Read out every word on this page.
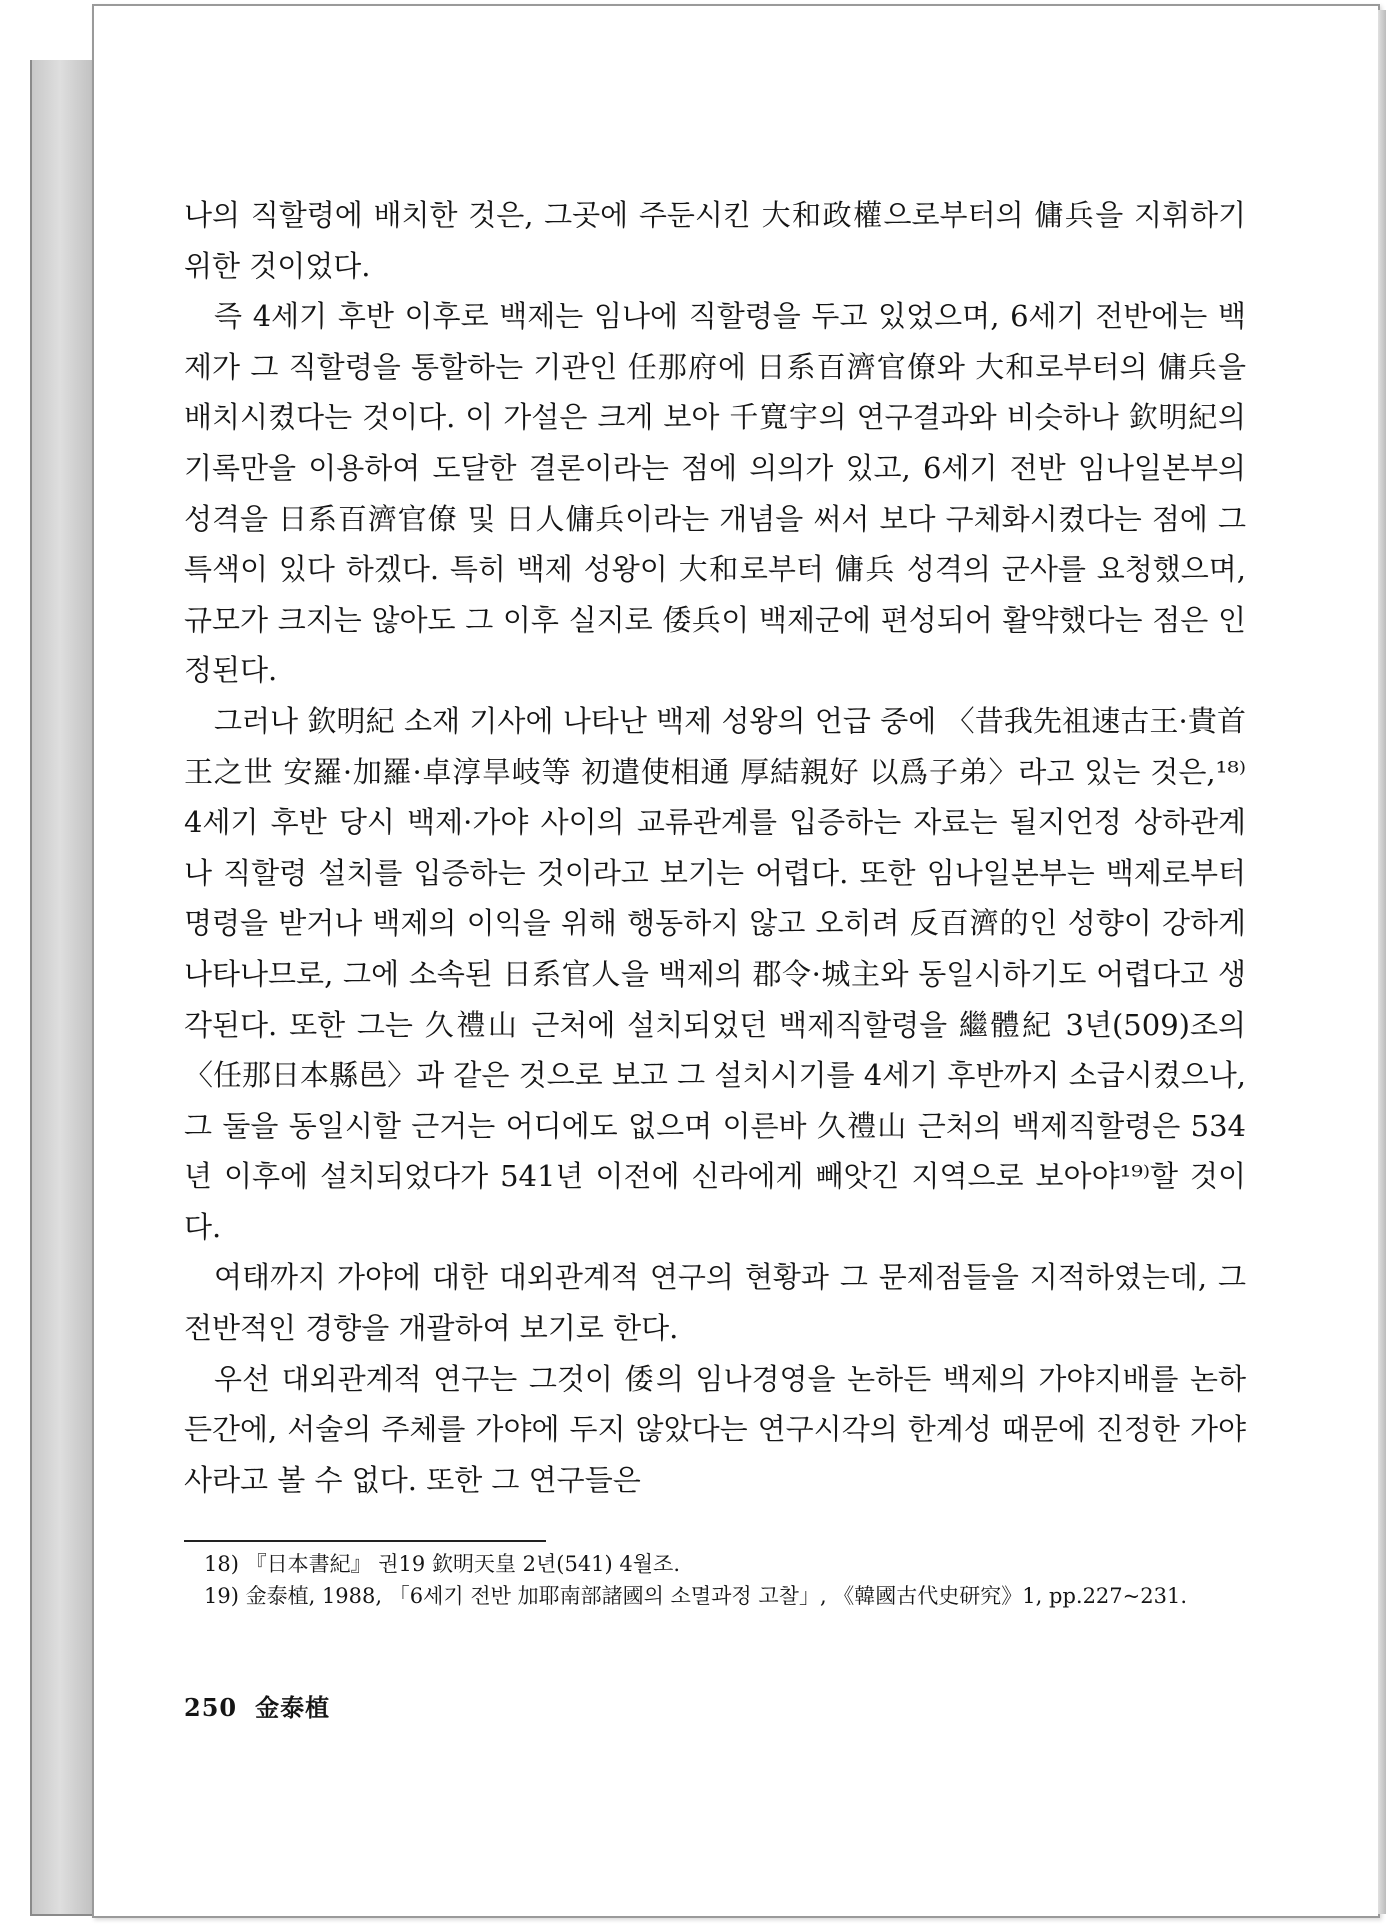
나의 직할령에 배치한 것은, 그곳에 주둔시킨 大和政權으로부터의 傭兵을 지휘하기 위한 것이었다.

즉 4세기 후반 이후로 백제는 임나에 직할령을 두고 있었으며, 6세기 전반에는 백제가 그 직할령을 통할하는 기관인 任那府에 日系百濟官僚와 大和로부터의 傭兵을 배치시켰다는 것이다. 이 가설은 크게 보아 千寬宇의 연구결과와 비슷하나 欽明紀의 기록만을 이용하여 도달한 결론이라는 점에 의의가 있고, 6세기 전반 임나일본부의 성격을 日系百濟官僚 및 日人傭兵이라는 개념을 써서 보다 구체화시켰다는 점에 그 특색이 있다 하겠다. 특히 백제 성왕이 大和로부터 傭兵 성격의 군사를 요청했으며, 규모가 크지는 않아도 그 이후 실지로 倭兵이 백제군에 편성되어 활약했다는 점은 인정된다.

그러나 欽明紀 소재 기사에 나타난 백제 성왕의 언급 중에 〈昔我先祖速古王·貴首王之世 安羅·加羅·卓淳旱岐等 初遣使相通 厚結親好 以爲子弟〉라고 있는 것은,¹⁸⁾ 4세기 후반 당시 백제·가야 사이의 교류관계를 입증하는 자료는 될지언정 상하관계나 직할령 설치를 입증하는 것이라고 보기는 어렵다. 또한 임나일본부는 백제로부터 명령을 받거나 백제의 이익을 위해 행동하지 않고 오히려 反百濟的인 성향이 강하게 나타나므로, 그에 소속된 日系官人을 백제의 郡令·城主와 동일시하기도 어렵다고 생각된다. 또한 그는 久禮山 근처에 설치되었던 백제직할령을 繼體紀 3년(509)조의 〈任那日本縣邑〉과 같은 것으로 보고 그 설치시기를 4세기 후반까지 소급시켰으나, 그 둘을 동일시할 근거는 어디에도 없으며 이른바 久禮山 근처의 백제직할령은 534년 이후에 설치되었다가 541년 이전에 신라에게 빼앗긴 지역으로 보아야¹⁹⁾할 것이다.

여태까지 가야에 대한 대외관계적 연구의 현황과 그 문제점들을 지적하였는데, 그 전반적인 경향을 개괄하여 보기로 한다.

우선 대외관계적 연구는 그것이 倭의 임나경영을 논하든 백제의 가야지배를 논하든간에, 서술의 주체를 가야에 두지 않았다는 연구시각의 한계성 때문에 진정한 가야사라고 볼 수 없다. 또한 그 연구들은

18) 『日本書紀』 권19 欽明天皇 2년(541) 4월조.

19) 金泰植, 1988, 「6세기 전반 加耶南部諸國의 소멸과정 고찰」, 《韓國古代史研究》1, pp.227~231.

250 金泰植
